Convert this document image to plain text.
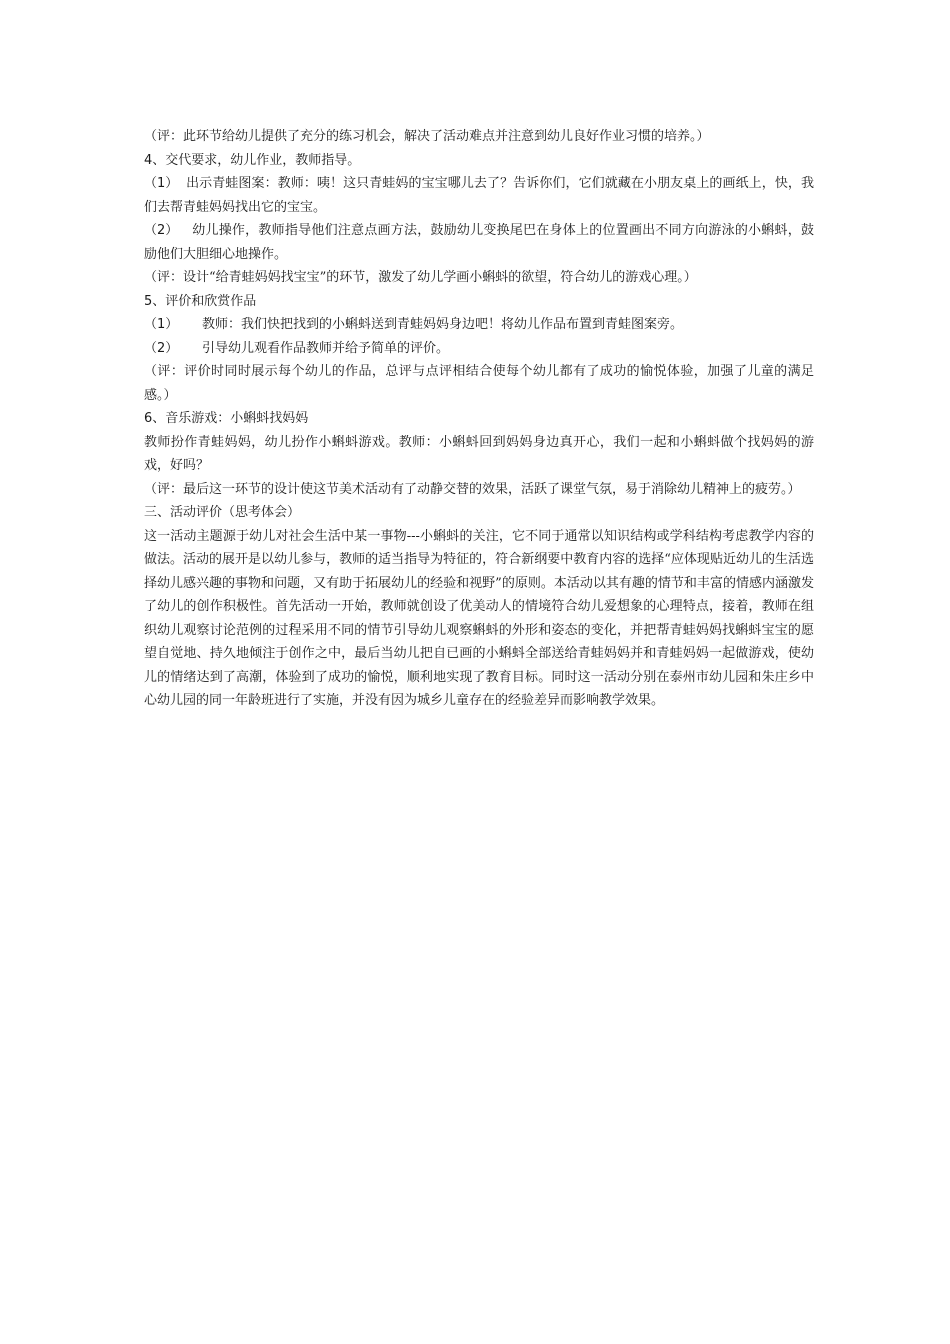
（评：此环节给幼儿提供了充分的练习机会，解决了活动难点并注意到幼儿良好作业习惯的培养。）
4、交代要求，幼儿作业，教师指导。
（1） 出示青蛙图案：教师：咦！这只青蛙妈的宝宝哪儿去了？告诉你们，它们就藏在小朋友桌上的画纸上，快，我们去帮青蛙妈妈找出它的宝宝。
（2） 幼儿操作，教师指导他们注意点画方法，鼓励幼儿变换尾巴在身体上的位置画出不同方向游泳的小蝌蚪，鼓励他们大胆细心地操作。
（评：设计“给青蛙妈妈找宝宝”的环节，激发了幼儿学画小蝌蚪的欲望，符合幼儿的游戏心理。）
5、评价和欣赏作品
（1） 教师：我们快把找到的小蝌蚪送到青蛙妈妈身边吧！将幼儿作品布置到青蛙图案旁。
（2） 引导幼儿观看作品教师并给予简单的评价。
（评：评价时同时展示每个幼儿的作品，总评与点评相结合使每个幼儿都有了成功的愉悦体验，加强了儿童的满足感。）
6、音乐游戏：小蝌蚪找妈妈
教师扮作青蛙妈妈，幼儿扮作小蝌蚪游戏。教师：小蝌蚪回到妈妈身边真开心，我们一起和小蝌蚪做个找妈妈的游戏，好吗？
（评：最后这一环节的设计使这节美术活动有了动静交替的效果，活跃了课堂气氛，易于消除幼儿精神上的疲劳。）
三、活动评价（思考体会）
这一活动主题源于幼儿对社会生活中某一事物---小蝌蚪的关注，它不同于通常以知识结构或学科结构考虑教学内容的做法。活动的展开是以幼儿参与，教师的适当指导为特征的，符合新纲要中教育内容的选择“应体现贴近幼儿的生活选择幼儿感兴趣的事物和问题，又有助于拓展幼儿的经验和视野”的原则。本活动以其有趣的情节和丰富的情感内涵激发了幼儿的创作积极性。首先活动一开始，教师就创设了优美动人的情境符合幼儿爱想象的心理特点，接着，教师在组织幼儿观察讨论范例的过程采用不同的情节引导幼儿观察蝌蚪的外形和姿态的变化，并把帮青蛙妈妈找蝌蚪宝宝的愿望自觉地、持久地倾注于创作之中，最后当幼儿把自已画的小蝌蚪全部送给青蛙妈妈并和青蛙妈妈一起做游戏，使幼儿的情绪达到了高潮，体验到了成功的愉悦，顺利地实现了教育目标。同时这一活动分别在泰州市幼儿园和朱庄乡中心幼儿园的同一年龄班进行了实施，并没有因为城乡儿童存在的经验差异而影响教学效果。
